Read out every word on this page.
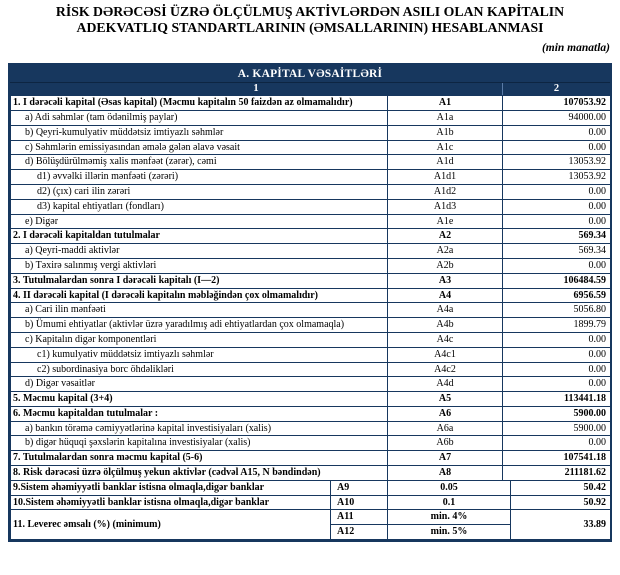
RİSK DƏRƏCƏSİ ÜZRƏ ÖLÇÜLMUŞ AKTİVLƏRDƏN ASILI OLAN KAPİTALIN
ADEKVATLIQ STANDARTLARININ (ƏMSALLARININ) HESABLANMASI
(min manatla)
A. KAPİTAL VƏSAİTLƏRİ
1	2
1. I dərəcəli kapital (Əsas kapital) (Məcmu kapitalın 50 faizdən az olmamalıdır)	A1	107053.92
a) Adi səhmlər (tam ödənilmiş paylar)	A1a	94000.00
b) Qeyri-kumulyativ müddətsiz imtiyazlı səhmlər	A1b	0.00
c) Səhmlərin emissiyasından əmələ gələn əlavə vəsait	A1c	0.00
d) Bölüşdürülməmiş xalis mənfəət (zərər), cəmi	A1d	13053.92
d1) əvvəlki illərin mənfəəti (zərəri)	A1d1	13053.92
d2) (çıx) cari ilin zərəri	A1d2	0.00
d3) kapital ehtiyatları (fondları)	A1d3	0.00
e) Digər	A1e	0.00
2. I dərəcəli kapitaldan tutulmalar	A2	569.34
a) Qeyri-maddi aktivlər	A2a	569.34
b) Təxirə salınmış vergi aktivləri	A2b	0.00
3. Tutulmalardan sonra I dərəcəli kapitalı (I—2)	A3	106484.59
4. II dərəcəli kapital (I dərəcəli kapitalın məbləğindən çox olmamalıdır)	A4	6956.59
a) Cari ilin mənfəəti	A4a	5056.80
b) Ümumi ehtiyatlar (aktivlər üzrə yaradılmış adi ehtiyatlardan çox olmamaqla)	A4b	1899.79
c) Kapitalın digər komponentləri	A4c	0.00
c1) kumulyativ müddətsiz imtiyazlı səhmlər	A4c1	0.00
c2) subordinasiya borc öhdəlikləri	A4c2	0.00
d) Digər vəsaitlər	A4d	0.00
5. Məcmu kapital (3+4)	A5	113441.18
6. Məcmu kapitaldan tutulmalar :	A6	5900.00
a) bankın törəmə cəmiyyətlərinə kapital investisiyaları (xalis)	A6a	5900.00
b) digər hüquqi şəxslərin kapitalına investisiyalar (xalis)	A6b	0.00
7. Tutulmalardan sonra məcmu kapital (5-6)	A7	107541.18
8. Risk dərəcəsi üzrə ölçülmuş yekun aktivlər (cədvəl A15, N bəndindən)	A8	211181.62
9.Sistem əhəmiyyətli banklar istisna olmaqla,digər banklar	A9	0.05	50.42
10.Sistem əhəmiyyətli banklar istisna olmaqla,digər banklar	A10	0.1	50.92
11. Leverec əmsalı (%) (minimum)	A11	min. 4%	33.89
	A12	min. 5%	
